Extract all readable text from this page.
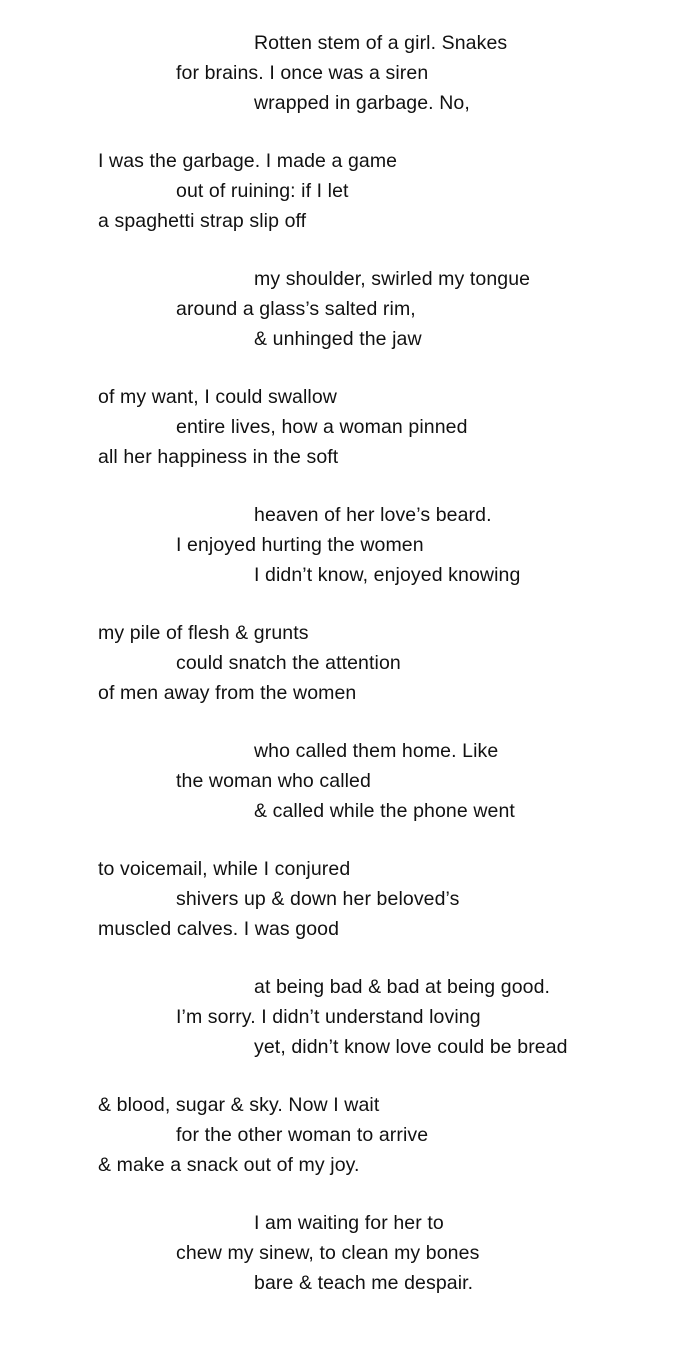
Rotten stem of a girl. Snakes
for brains. I once was a siren
wrapped in garbage. No,
I was the garbage. I made a game
out of ruining: if I let
a spaghetti strap slip off
my shoulder, swirled my tongue
around a glass’s salted rim,
& unhinged the jaw
of my want, I could swallow
entire lives, how a woman pinned
all her happiness in the soft
heaven of her love’s beard.
I enjoyed hurting the women
I didn’t know, enjoyed knowing
my pile of flesh & grunts
could snatch the attention
of men away from the women
who called them home. Like
the woman who called
& called while the phone went
to voicemail, while I conjured
shivers up & down her beloved’s
muscled calves. I was good
at being bad & bad at being good.
I’m sorry. I didn’t understand loving
yet, didn’t know love could be bread
& blood, sugar & sky. Now I wait
for the other woman to arrive
& make a snack out of my joy.
I am waiting for her to
chew my sinew, to clean my bones
bare & teach me despair.
